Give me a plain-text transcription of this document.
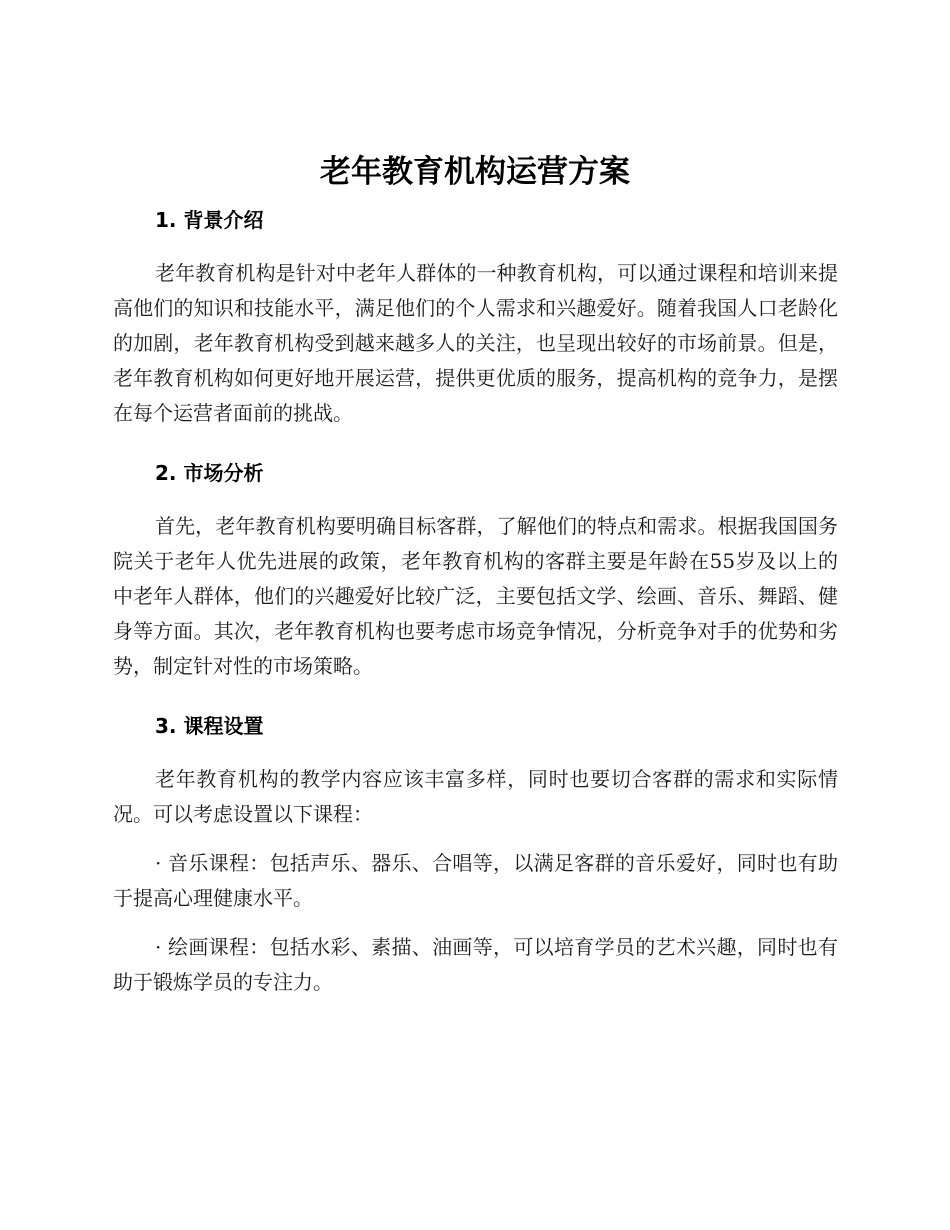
老年教育机构运营方案
1. 背景介绍

老年教育机构是针对中老年人群体的一种教育机构，可以通过课程和培训来提高他们的知识和技能水平，满足他们的个人需求和兴趣爱好。随着我国人口老龄化的加剧，老年教育机构受到越来越多人的关注，也呈现出较好的市场前景。但是，老年教育机构如何更好地开展运营，提供更优质的服务，提高机构的竞争力，是摆在每个运营者面前的挑战。

2. 市场分析

首先，老年教育机构要明确目标客群，了解他们的特点和需求。根据我国国务院关于老年人优先进展的政策，老年教育机构的客群主要是年龄在55岁及以上的中老年人群体，他们的兴趣爱好比较广泛，主要包括文学、绘画、音乐、舞蹈、健身等方面。其次，老年教育机构也要考虑市场竞争情况，分析竞争对手的优势和劣势，制定针对性的市场策略。

3. 课程设置

老年教育机构的教学内容应该丰富多样，同时也要切合客群的需求和实际情况。可以考虑设置以下课程：

· 音乐课程：包括声乐、器乐、合唱等，以满足客群的音乐爱好，同时也有助于提高心理健康水平。

· 绘画课程：包括水彩、素描、油画等，可以培育学员的艺术兴趣，同时也有助于锻炼学员的专注力。
